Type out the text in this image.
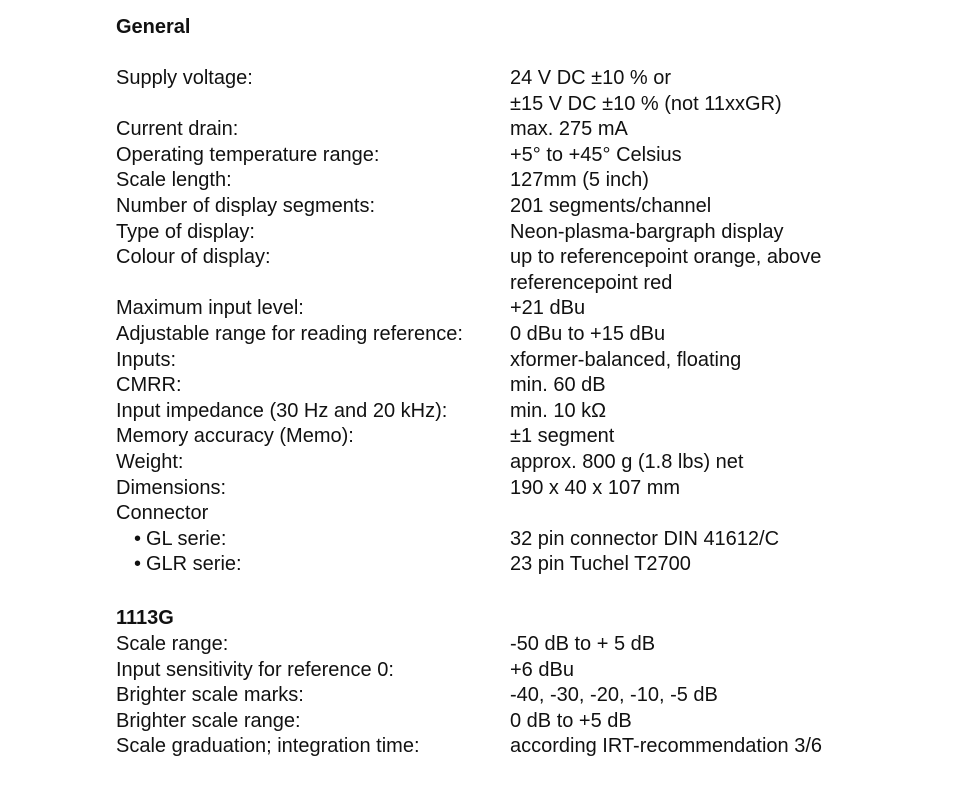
General
Supply voltage:	24 V DC ±10 % or
±15 V DC ±10 % (not 11xxGR)
Current drain:	max. 275 mA
Operating temperature range:	+5° to +45° Celsius
Scale length:	127mm (5 inch)
Number of display segments:	201 segments/channel
Type of display:	Neon-plasma-bargraph display
Colour of display:	up to referencepoint orange, above
referencepoint red
Maximum input level:	+21 dBu
Adjustable range for reading reference:	0 dBu to +15 dBu
Inputs:	xformer-balanced, floating
CMRR:	min. 60 dB
Input impedance (30 Hz and 20 kHz):	min. 10 kΩ
Memory accuracy (Memo):	±1 segment
Weight:	approx. 800 g (1.8 lbs) net
Dimensions:	190 x 40 x 107 mm
Connector
• GL serie:	32 pin connector DIN 41612/C
• GLR serie:	23 pin Tuchel T2700
1113G
Scale range:	-50 dB to + 5 dB
Input sensitivity for reference 0:	+6 dBu
Brighter scale marks:	-40, -30, -20, -10, -5 dB
Brighter scale range:	0 dB to +5 dB
Scale graduation; integration time:	according IRT-recommendation 3/6
